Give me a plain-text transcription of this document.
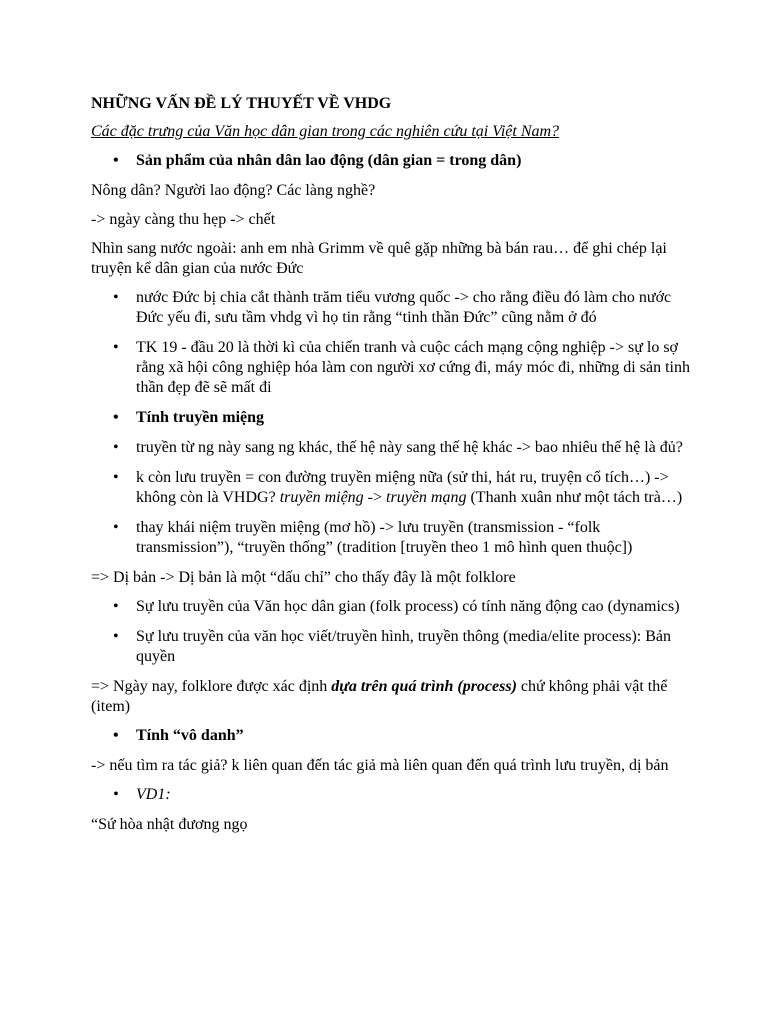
NHỮNG VẤN ĐỀ LÝ THUYẾT VỀ VHDG

Các đặc trưng của Văn học dân gian trong các nghiên cứu tại Việt Nam?

• Sản phẩm của nhân dân lao động (dân gian = trong dân)

Nông dân? Người lao động? Các làng nghề?

-> ngày càng thu hẹp -> chết

Nhìn sang nước ngoài: anh em nhà Grimm về quê gặp những bà bán rau… để ghi chép lại truyện kể dân gian của nước Đức

• nước Đức bị chia cắt thành trăm tiểu vương quốc -> cho rằng điều đó làm cho nước Đức yếu đi, sưu tầm vhdg vì họ tin rằng “tinh thần Đức” cũng nằm ở đó
• TK 19 - đầu 20 là thời kì của chiến tranh và cuộc cách mạng cộng nghiệp -> sự lo sợ rằng xã hội công nghiệp hóa làm con người xơ cứng đi, máy móc đi, những di sản tinh thần đẹp đẽ sẽ mất đi
• Tính truyền miệng
• truyền từ ng này sang ng khác, thế hệ này sang thế hệ khác -> bao nhiêu thế hệ là đủ?
• k còn lưu truyền = con đường truyền miệng nữa (sử thi, hát ru, truyện cổ tích…) -> không còn là VHDG? truyền miệng -> truyền mạng (Thanh xuân như một tách trà…)
• thay khái niệm truyền miệng (mơ hồ) -> lưu truyền (transmission - “folk transmission”), “truyền thống” (tradition [truyền theo 1 mô hình quen thuộc])

=> Dị bản -> Dị bản là một “dấu chỉ” cho thấy đây là một folklore

• Sự lưu truyền của Văn học dân gian (folk process) có tính năng động cao (dynamics)
• Sự lưu truyền của văn học viết/truyền hình, truyền thông (media/elite process): Bản quyền

=> Ngày nay, folklore được xác định dựa trên quá trình (process) chứ không phải vật thể (item)

• Tính “vô danh”

-> nếu tìm ra tác giả? k liên quan đến tác giả mà liên quan đến quá trình lưu truyền, dị bản

• VD1:

“Sứ hòa nhật đương ngọ
